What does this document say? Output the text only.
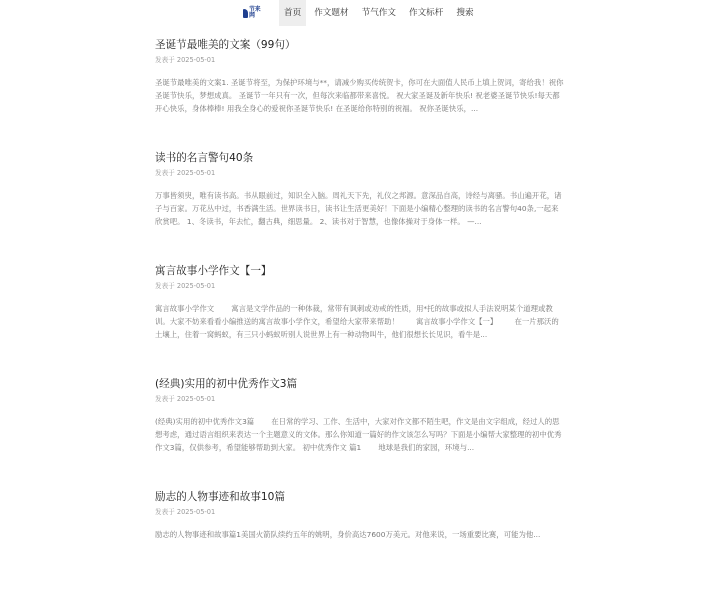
节来网	首页	作文题材	节气作文	作文标杆	搜索
圣诞节最唯美的文案（99句）
发表于 2025-05-01
圣诞节最唯美的文案1. 圣诞节将至，为保护环境与**，请减少购买传统贺卡，你可在大面值人民币上填上贺词，寄给我！祝你圣诞节快乐，梦想成真。 圣诞节一年只有一次，但每次来临都带来喜悦。 祝大家圣诞及新年快乐! 祝老婆圣诞节快乐!每天都开心快乐，身体棒棒! 用我全身心的爱祝你圣诞节快乐! 在圣诞给你特别的祝福。 祝你圣诞快乐，...
读书的名言警句40条
发表于 2025-05-01
万事皆须臾，唯有读书高。书从眼前过，知识全入脑。周礼天下先，礼仪之邦源。意深品自高，诗经与离骚。书山遍开花，诸子与百家。万花丛中过，书香满生活。世界读书日，读书让生活更美好！下面是小编精心整理的读书的名言警句40条,一起来欣赏吧。 1、冬读书，年去忙，翻古典，细思量。 2、读书对于智慧，也像体操对于身体一样。 —...
寓言故事小学作文【一】
发表于 2025-05-01
寓言故事小学作文 　　寓言是文学作品的一种体裁，常带有讽刺或劝戒的性质，用*托的故事或拟人手法说明某个道理或教训。大家不妨来看看小编推送的寓言故事小学作文，希望给大家带来帮助！ 　　寓言故事小学作文【一】 　　在一片那沃的土壤上，住着一窝蚂蚁，有三只小蚂蚁听别人说世界上有一种动物叫牛，他们很想长长见识，看牛是...
(经典)实用的初中优秀作文3篇
发表于 2025-05-01
(经典)实用的初中优秀作文3篇 　　在日常的学习、工作、生活中，大家对作文都不陌生吧，作文是由文字组成，经过人的思想考虑，通过语言组织来表达一个主题意义的文体。那么你知道一篇好的作文该怎么写吗？下面是小编帮大家整理的初中优秀作文3篇，仅供参考，希望能够帮助到大家。 初中优秀作文 篇1 　　地球是我们的家园，环境与...
励志的人物事迹和故事10篇
发表于 2025-05-01
励志的人物事迹和故事篇1美国火箭队续约五年的姚明，身价高达7600万美元。对他来说，一场重要比赛，可能为他...
